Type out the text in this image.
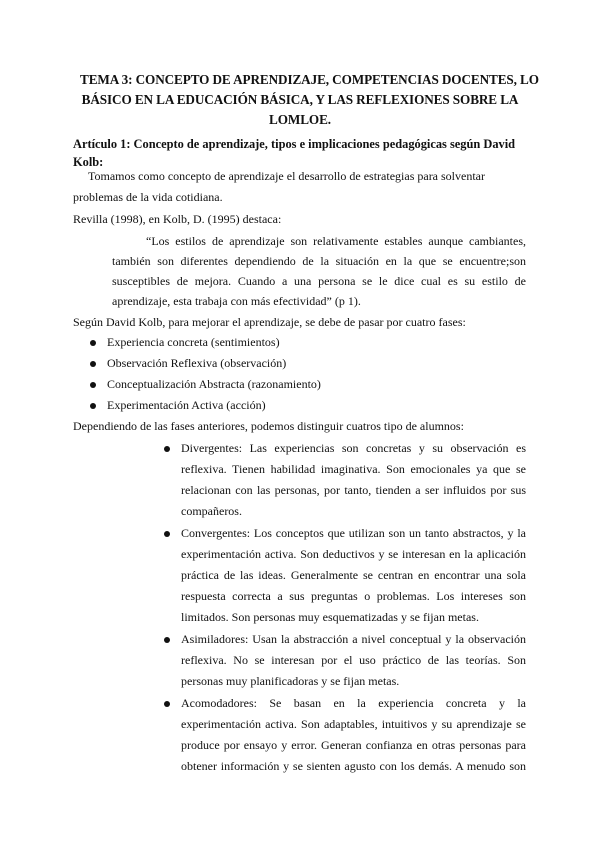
TEMA 3: CONCEPTO DE APRENDIZAJE, COMPETENCIAS DOCENTES, LO
BÁSICO EN LA EDUCACIÓN BÁSICA, Y LAS REFLEXIONES SOBRE LA
LOMLOE.
Artículo 1: Concepto de aprendizaje, tipos e implicaciones pedagógicas según David
Kolb:
Tomamos como concepto de aprendizaje el desarrollo de estrategias para solventar
problemas de la vida cotidiana.
Revilla (1998), en Kolb, D. (1995) destaca:
“Los estilos de aprendizaje son relativamente estables aunque cambiantes,
también son diferentes dependiendo de la situación en la que se encuentre;son
susceptibles de mejora. Cuando a una persona se le dice cual es su estilo de
aprendizaje, esta trabaja con más efectividad” (p 1).
Según David Kolb, para mejorar el aprendizaje, se debe de pasar por cuatro fases:
Experiencia concreta (sentimientos)
Observación Reflexiva (observación)
Conceptualización Abstracta (razonamiento)
Experimentación Activa (acción)
Dependiendo de las fases anteriores, podemos distinguir cuatros tipo de alumnos:
Divergentes: Las experiencias son concretas y su observación es
reflexiva. Tienen habilidad imaginativa. Son emocionales ya que se
relacionan con las personas, por tanto, tienden a ser influidos por sus
compañeros.
Convergentes: Los conceptos que utilizan son un tanto abstractos, y la
experimentación activa. Son deductivos y se interesan en la aplicación
práctica de las ideas. Generalmente se centran en encontrar una sola
respuesta correcta a sus preguntas o problemas. Los intereses son
limitados. Son personas muy esquematizadas y se fijan metas.
Asimiladores: Usan la abstracción a nivel conceptual y la observación
reflexiva. No se interesan por el uso práctico de las teorías. Son
personas muy planificadoras y se fijan metas.
Acomodadores: Se basan en la experiencia concreta y la
experimentación activa. Son adaptables, intuitivos y su aprendizaje se
produce por ensayo y error. Generan confianza en otras personas para
obtener información y se sienten agusto con los demás. A menudo son
